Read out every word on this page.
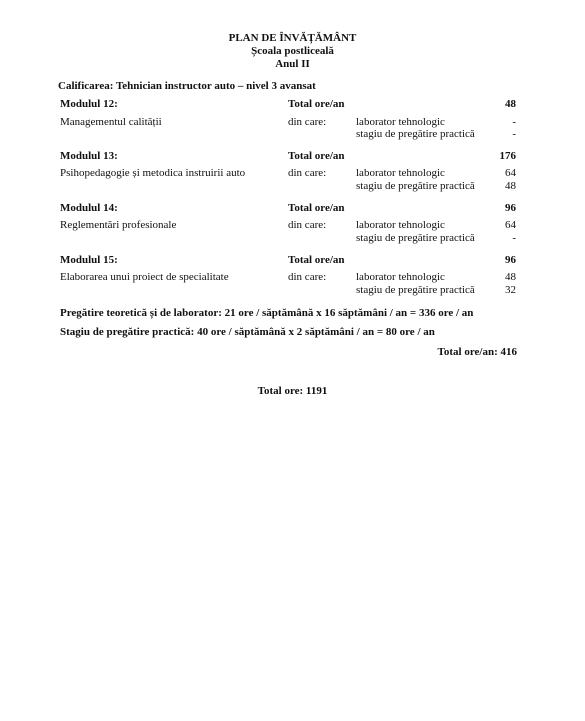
PLAN DE ÎNVĂȚĂMÂNT
Școala postliceală
Anul II
Calificarea: Tehnician instructor auto – nivel 3 avansat
Modulul 12:	Total ore/an	48
Managementul calității	din care:	laborator tehnologic	-
stagiu de pregătire practică	-
Modulul 13:	Total ore/an	176
Psihopedagogie și metodica instruirii auto	din care:	laborator tehnologic	64
stagiu de pregătire practică	48
Modulul 14:	Total ore/an	96
Reglementări profesionale	din care:	laborator tehnologic	64
stagiu de pregătire practică	-
Modulul 15:	Total ore/an	96
Elaborarea unui proiect de specialitate	din care:	laborator tehnologic	48
stagiu de pregătire practică	32
Pregătire teoretică și de laborator: 21 ore / săptămână x 16 săptămâni / an = 336 ore / an
Stagiu de pregătire practică: 40 ore / săptămână x 2 săptămâni / an = 80 ore / an
Total ore/an: 416
Total ore: 1191
